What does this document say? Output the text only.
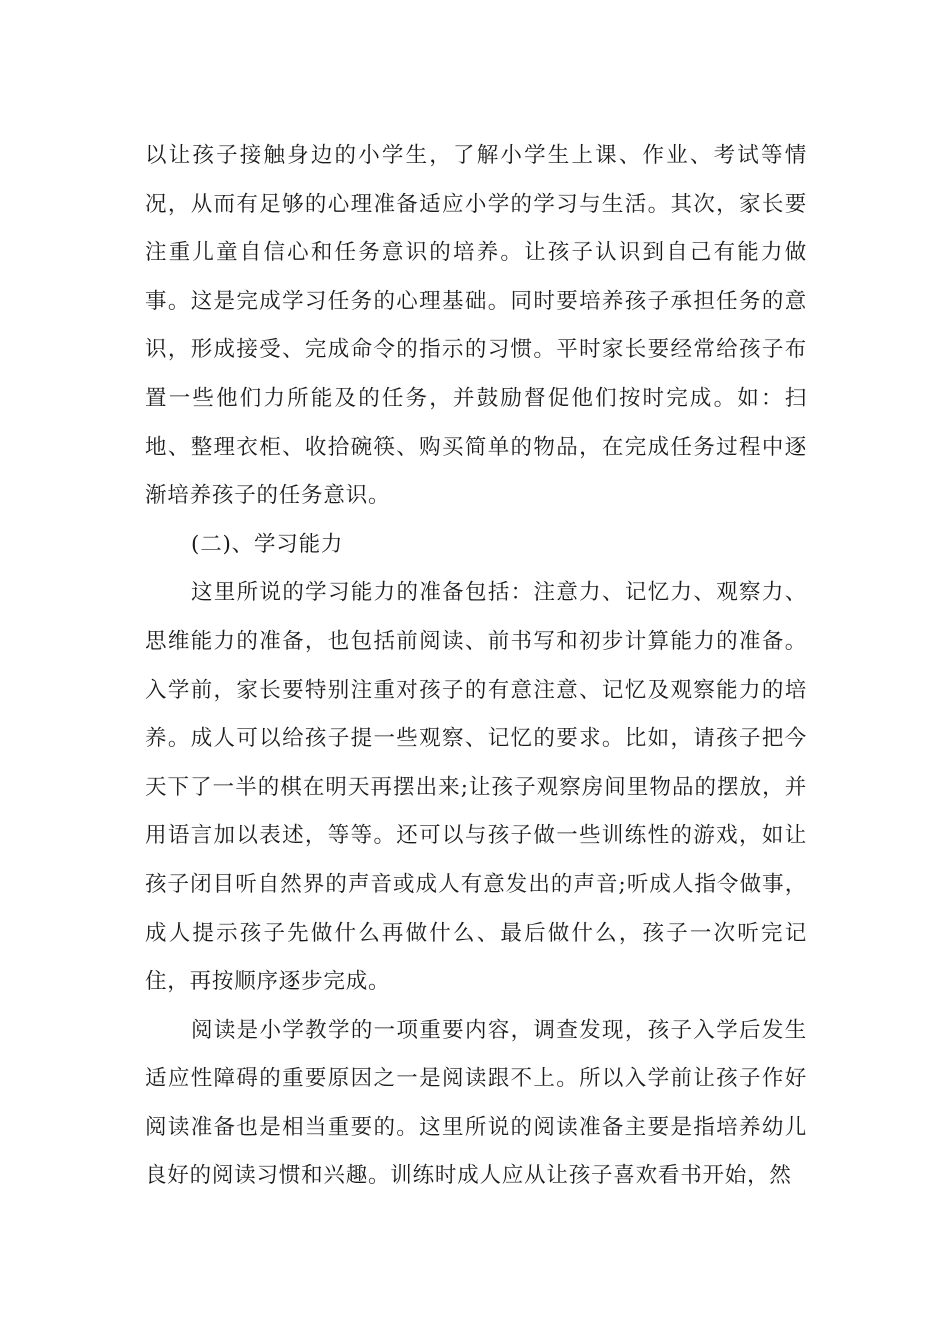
以让孩子接触身边的小学生，了解小学生上课、作业、考试等情况，从而有足够的心理准备适应小学的学习与生活。其次，家长要注重儿童自信心和任务意识的培养。让孩子认识到自己有能力做事。这是完成学习任务的心理基础。同时要培养孩子承担任务的意识，形成接受、完成命令的指示的习惯。平时家长要经常给孩子布置一些他们力所能及的任务，并鼓励督促他们按时完成。如：扫地、整理衣柜、收拾碗筷、购买简单的物品，在完成任务过程中逐渐培养孩子的任务意识。

(二)、学习能力

这里所说的学习能力的准备包括：注意力、记忆力、观察力、思维能力的准备，也包括前阅读、前书写和初步计算能力的准备。入学前，家长要特别注重对孩子的有意注意、记忆及观察能力的培养。成人可以给孩子提一些观察、记忆的要求。比如，请孩子把今天下了一半的棋在明天再摆出来;让孩子观察房间里物品的摆放，并用语言加以表述，等等。还可以与孩子做一些训练性的游戏，如让孩子闭目听自然界的声音或成人有意发出的声音;听成人指令做事，成人提示孩子先做什么再做什么、最后做什么，孩子一次听完记住，再按顺序逐步完成。

阅读是小学教学的一项重要内容，调查发现，孩子入学后发生适应性障碍的重要原因之一是阅读跟不上。所以入学前让孩子作好阅读准备也是相当重要的。这里所说的阅读准备主要是指培养幼儿良好的阅读习惯和兴趣。训练时成人应从让孩子喜欢看书开始，然
